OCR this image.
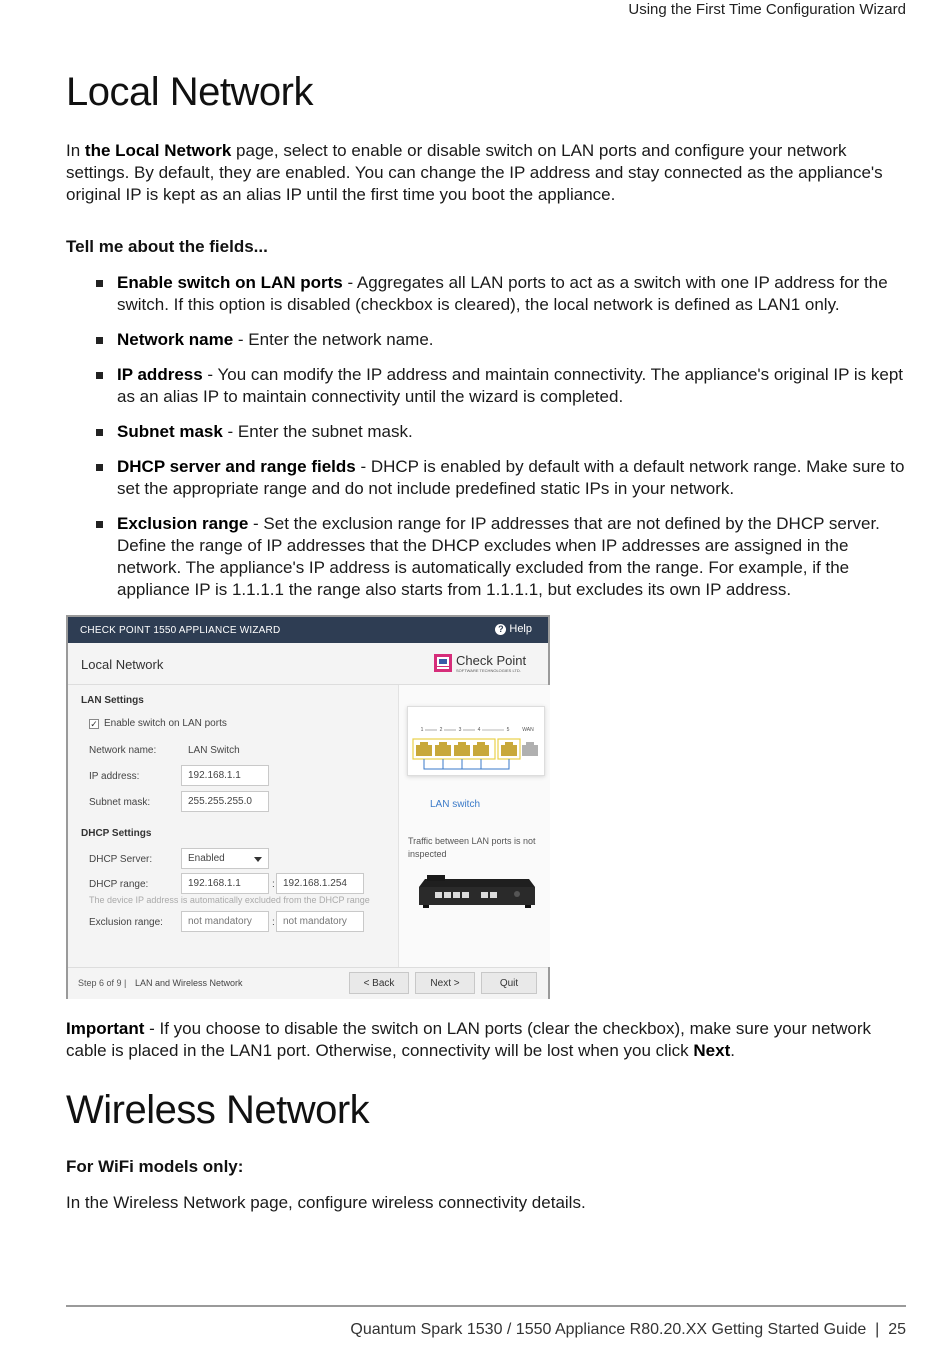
Using the First Time Configuration Wizard
Local Network

In the Local Network page, select to enable or disable switch on LAN ports and configure your network settings. By default, they are enabled. You can change the IP address and stay connected as the appliance's original IP is kept as an alias IP until the first time you boot the appliance.

Tell me about the fields...
Enable switch on LAN ports - Aggregates all LAN ports to act as a switch with one IP address for the switch. If this option is disabled (checkbox is cleared), the local network is defined as LAN1 only.
Network name - Enter the network name.
IP address - You can modify the IP address and maintain connectivity. The appliance's original IP is kept as an alias IP to maintain connectivity until the wizard is completed.
Subnet mask - Enter the subnet mask.
DHCP server and range fields - DHCP is enabled by default with a default network range. Make sure to set the appropriate range and do not include predefined static IPs in your network.
Exclusion range - Set the exclusion range for IP addresses that are not defined by the DHCP server. Define the range of IP addresses that the DHCP excludes when IP addresses are assigned in the network. The appliance's IP address is automatically excluded from the range. For example, if the appliance IP is 1.1.1.1 the range also starts from 1.1.1.1, but excludes its own IP address.
CHECK POINT 1550 APPLIANCE WIZARD	? Help
Local Network	Check Point
SOFTWARE TECHNOLOGIES LTD.
LAN Settings
✓ Enable switch on LAN ports
Network name:	LAN Switch
IP address:	192.168.1.1
Subnet mask:	255.255.255.0
DHCP Settings
DHCP Server:	Enabled
DHCP range:	192.168.1.1	: 192.168.1.254
The device IP address is automatically excluded from the DHCP range
Exclusion range:	not mandatory	: not mandatory
1	2	3	4	5	WAN
LAN switch
Traffic between LAN ports is not inspected
Step 6 of 9 | LAN and Wireless Network	< Back	Next >	Quit

Important - If you choose to disable the switch on LAN ports (clear the checkbox), make sure your network cable is placed in the LAN1 port. Otherwise, connectivity will be lost when you click Next.

Wireless Network
For WiFi models only:

In the Wireless Network page, configure wireless connectivity details.

Quantum Spark 1530 / 1550 Appliance R80.20.XX Getting Started Guide | 25
